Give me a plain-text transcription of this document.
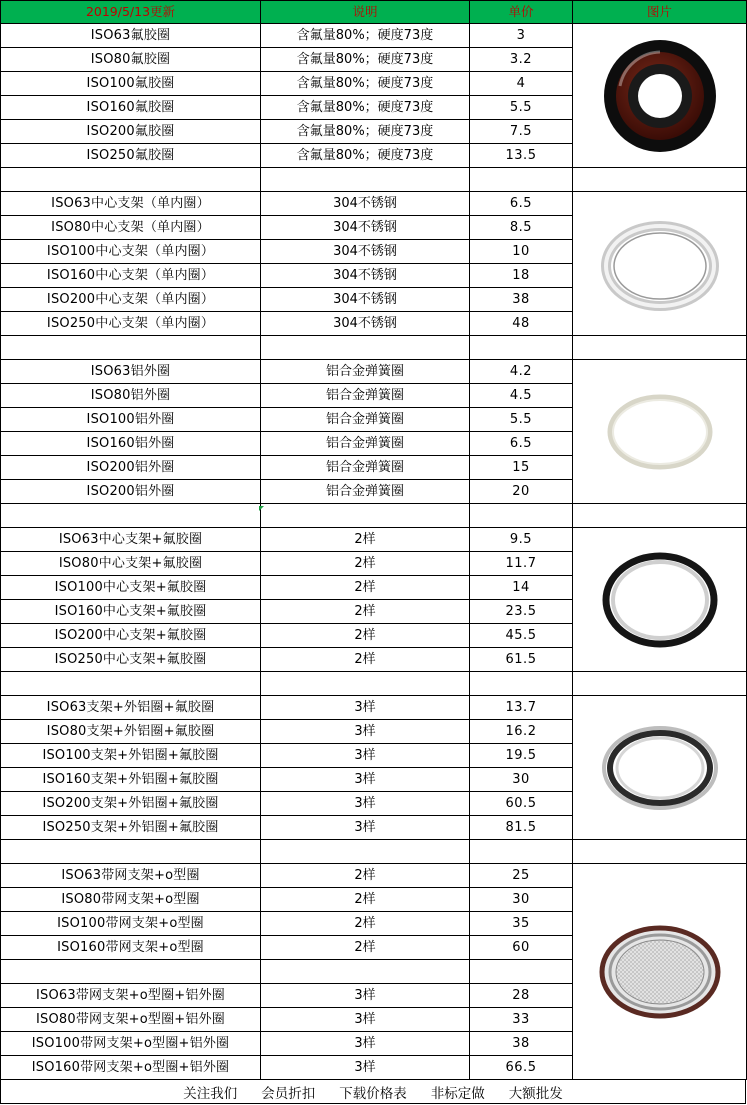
2019/5/13更新	说明	单价	图片
ISO63氟胶圈	含氟量80%；硬度73度	3	

ISO80氟胶圈	含氟量80%；硬度73度	3.2	
ISO100氟胶圈	含氟量80%；硬度73度	4	
ISO160氟胶圈	含氟量80%；硬度73度	5.5	
ISO200氟胶圈	含氟量80%；硬度73度	7.5	
ISO250氟胶圈	含氟量80%；硬度73度	13.5	

ISO63中心支架（单内圈）	304不锈钢	6.5	

ISO80中心支架（单内圈）	304不锈钢	8.5	
ISO100中心支架（单内圈）	304不锈钢	10	
ISO160中心支架（单内圈）	304不锈钢	18	
ISO200中心支架（单内圈）	304不锈钢	38	
ISO250中心支架（单内圈）	304不锈钢	48	

ISO63铝外圈	铝合金弹簧圈	4.2	

ISO80铝外圈	铝合金弹簧圈	4.5	
ISO100铝外圈	铝合金弹簧圈	5.5	
ISO160铝外圈	铝合金弹簧圈	6.5	
ISO200铝外圈	铝合金弹簧圈	15	
ISO200铝外圈	铝合金弹簧圈	20	

ISO63中心支架+氟胶圈	2样	9.5	

ISO80中心支架+氟胶圈	2样	11.7	
ISO100中心支架+氟胶圈	2样	14	
ISO160中心支架+氟胶圈	2样	23.5	
ISO200中心支架+氟胶圈	2样	45.5	
ISO250中心支架+氟胶圈	2样	61.5	

ISO63支架+外铝圈+氟胶圈	3样	13.7	

ISO80支架+外铝圈+氟胶圈	3样	16.2	
ISO100支架+外铝圈+氟胶圈	3样	19.5	
ISO160支架+外铝圈+氟胶圈	3样	30	
ISO200支架+外铝圈+氟胶圈	3样	60.5	
ISO250支架+外铝圈+氟胶圈	3样	81.5	

ISO63带网支架+o型圈	2样	25	

ISO80带网支架+o型圈	2样	30	
ISO100带网支架+o型圈	2样	35	
ISO160带网支架+o型圈	2样	60	

ISO63带网支架+o型圈+铝外圈	3样	28	
ISO80带网支架+o型圈+铝外圈	3样	33	
ISO100带网支架+o型圈+铝外圈	3样	38	
ISO160带网支架+o型圈+铝外圈	3样	66.5	
关注我们 会员折扣 下载价格表 非标定做 大额批发
